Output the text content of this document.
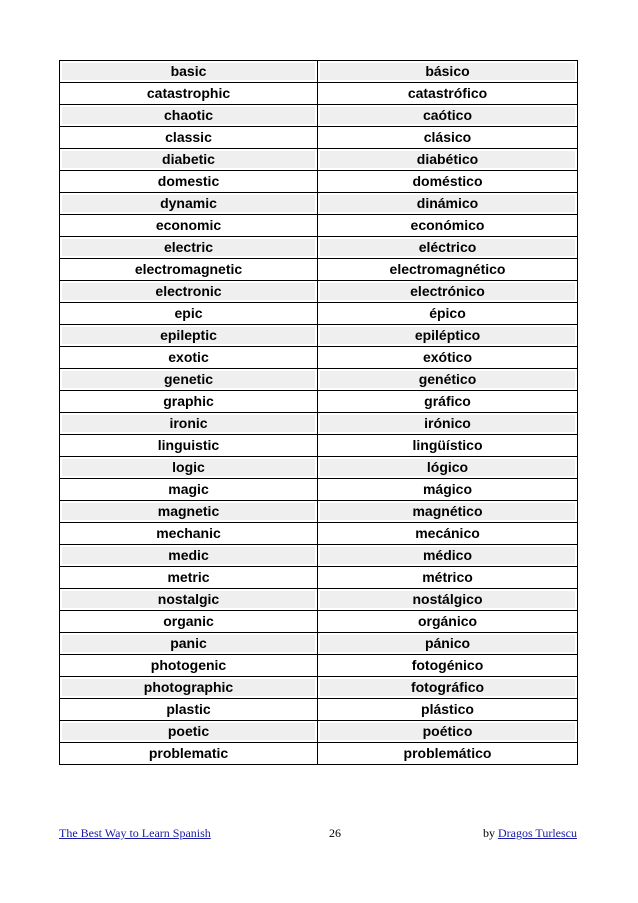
basic	básico

catastrophic	catastrófico

chaotic	caótico

classic	clásico

diabetic	diabético

domestic	doméstico

dynamic	dinámico

economic	económico

electric	eléctrico

electromagnetic	electromagnético

electronic	electrónico

epic	épico

epileptic	epiléptico

exotic	exótico

genetic	genético

graphic	gráfico

ironic	irónico

linguistic	lingüístico

logic	lógico

magic	mágico

magnetic	magnético

mechanic	mecánico

medic	médico

metric	métrico

nostalgic	nostálgico

organic	orgánico

panic	pánico

photogenic	fotogénico

photographic	fotográfico

plastic	plástico

poetic	poético

problematic	problemático
The Best Way to Learn Spanish	26	by Dragos Turlescu
